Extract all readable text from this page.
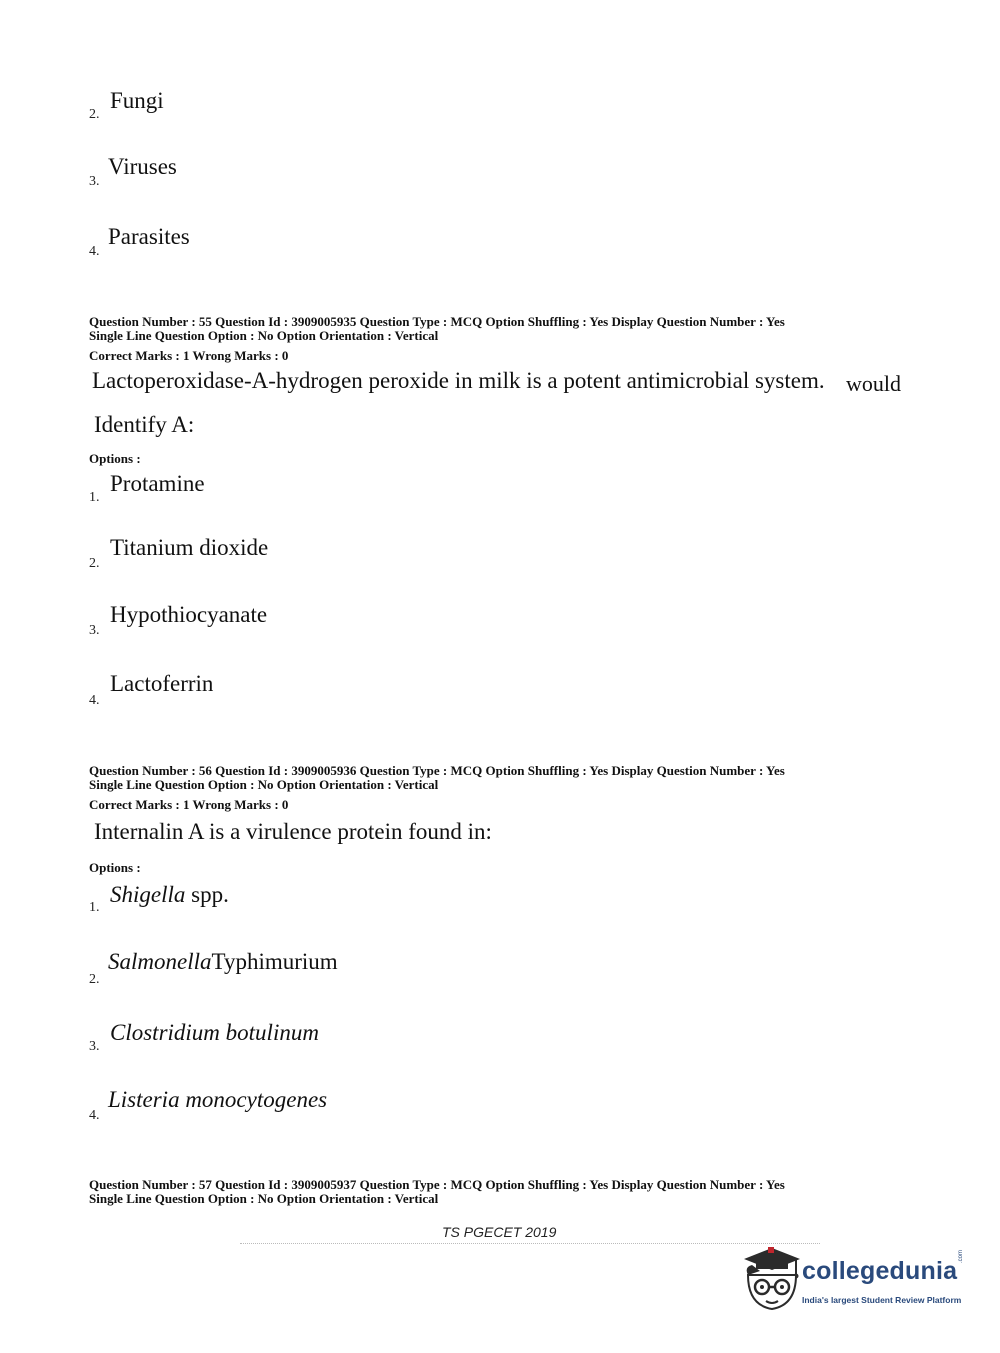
2.
Fungi
3.
Viruses
4.
Parasites
Question Number : 55 Question Id : 3909005935 Question Type : MCQ Option Shuffling : Yes Display Question Number : Yes
Single Line Question Option : No Option Orientation : Vertical
Correct Marks : 1 Wrong Marks : 0
Lactoperoxidase-A-hydrogen peroxide in milk is a potent antimicrobial system. would
Identify A:
Options :
1.
Protamine
2.
Titanium dioxide
3.
Hypothiocyanate
4.
Lactoferrin
Question Number : 56 Question Id : 3909005936 Question Type : MCQ Option Shuffling : Yes Display Question Number : Yes
Single Line Question Option : No Option Orientation : Vertical
Correct Marks : 1 Wrong Marks : 0
Internalin A is a virulence protein found in:
Options :
1.
Shigella spp.
2.
SalmonellaTyphimurium
3.
Clostridium botulinum
4.
Listeria monocytogenes
Question Number : 57 Question Id : 3909005937 Question Type : MCQ Option Shuffling : Yes Display Question Number : Yes
Single Line Question Option : No Option Orientation : Vertical
TS PGECET 2019
collegedunia
.com
India's largest Student Review Platform
